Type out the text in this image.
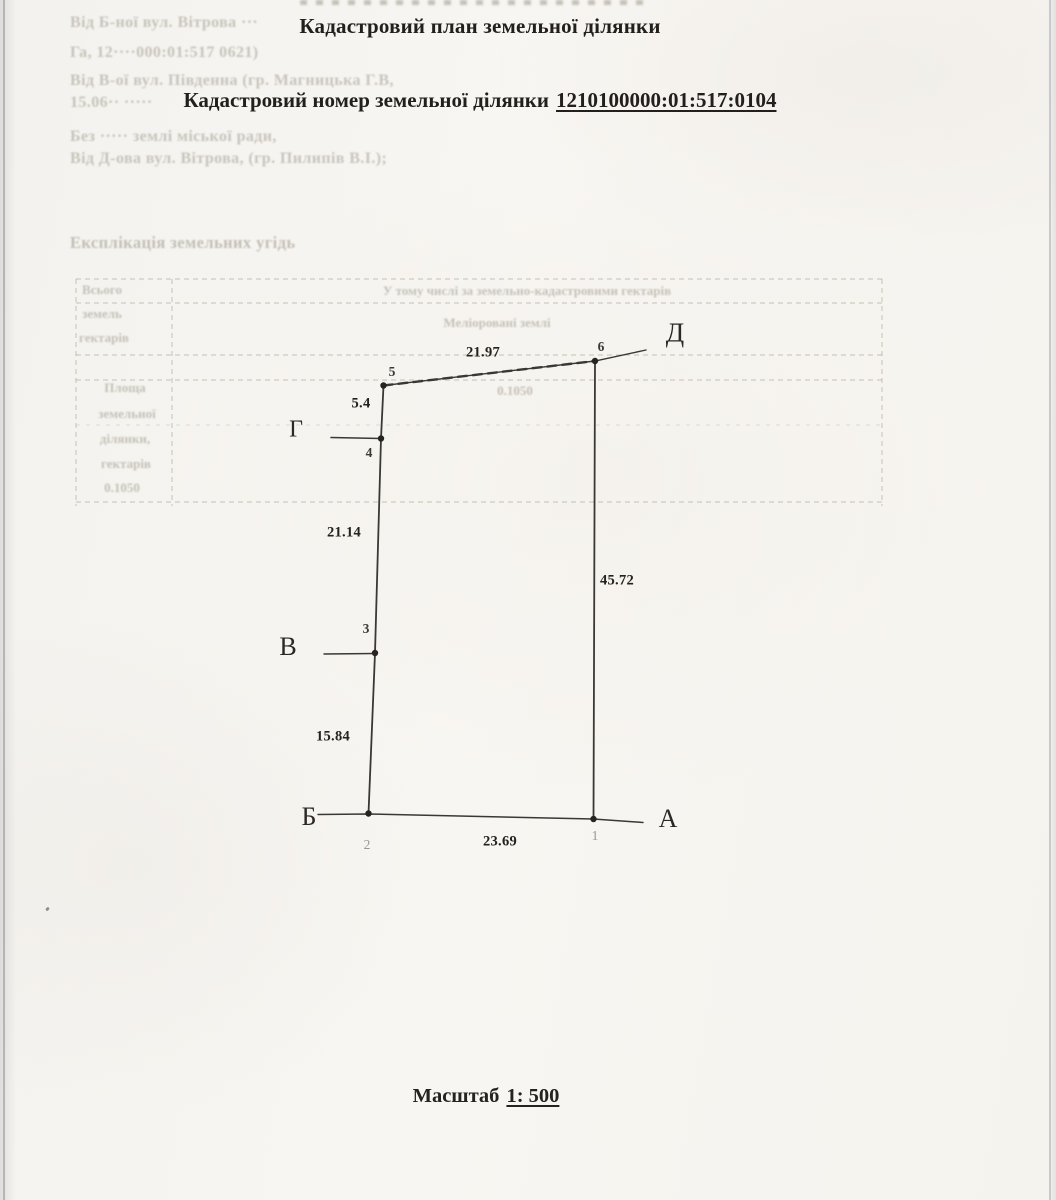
Від Б-ної вул. Вітрова ···
Га, 12····000:01:517 0621)
Від В-ої вул. Південна (гр. Магницька Г.В,
15.06·· ·····
Без ····· землі міської ради,
Від Д-ова вул. Вітрова, (гр. Пилипів В.І.);
Експлікація земельних угідь
Всього
земель
гектарів
У тому числі за земельно-кадастровими гектарів
Меліоровані землі
Площа
земельної
ділянки,
гектарів
0.1050
0.1050
А
Б
В
Г
Д
1
2
3
4
5
6
21.97
5.4
21.14
15.84
45.72
23.69
Кадастровий план земельної ділянки
Кадастровий номер земельної ділянки 1210100000:01:517:0104
Масштаб 1: 500
